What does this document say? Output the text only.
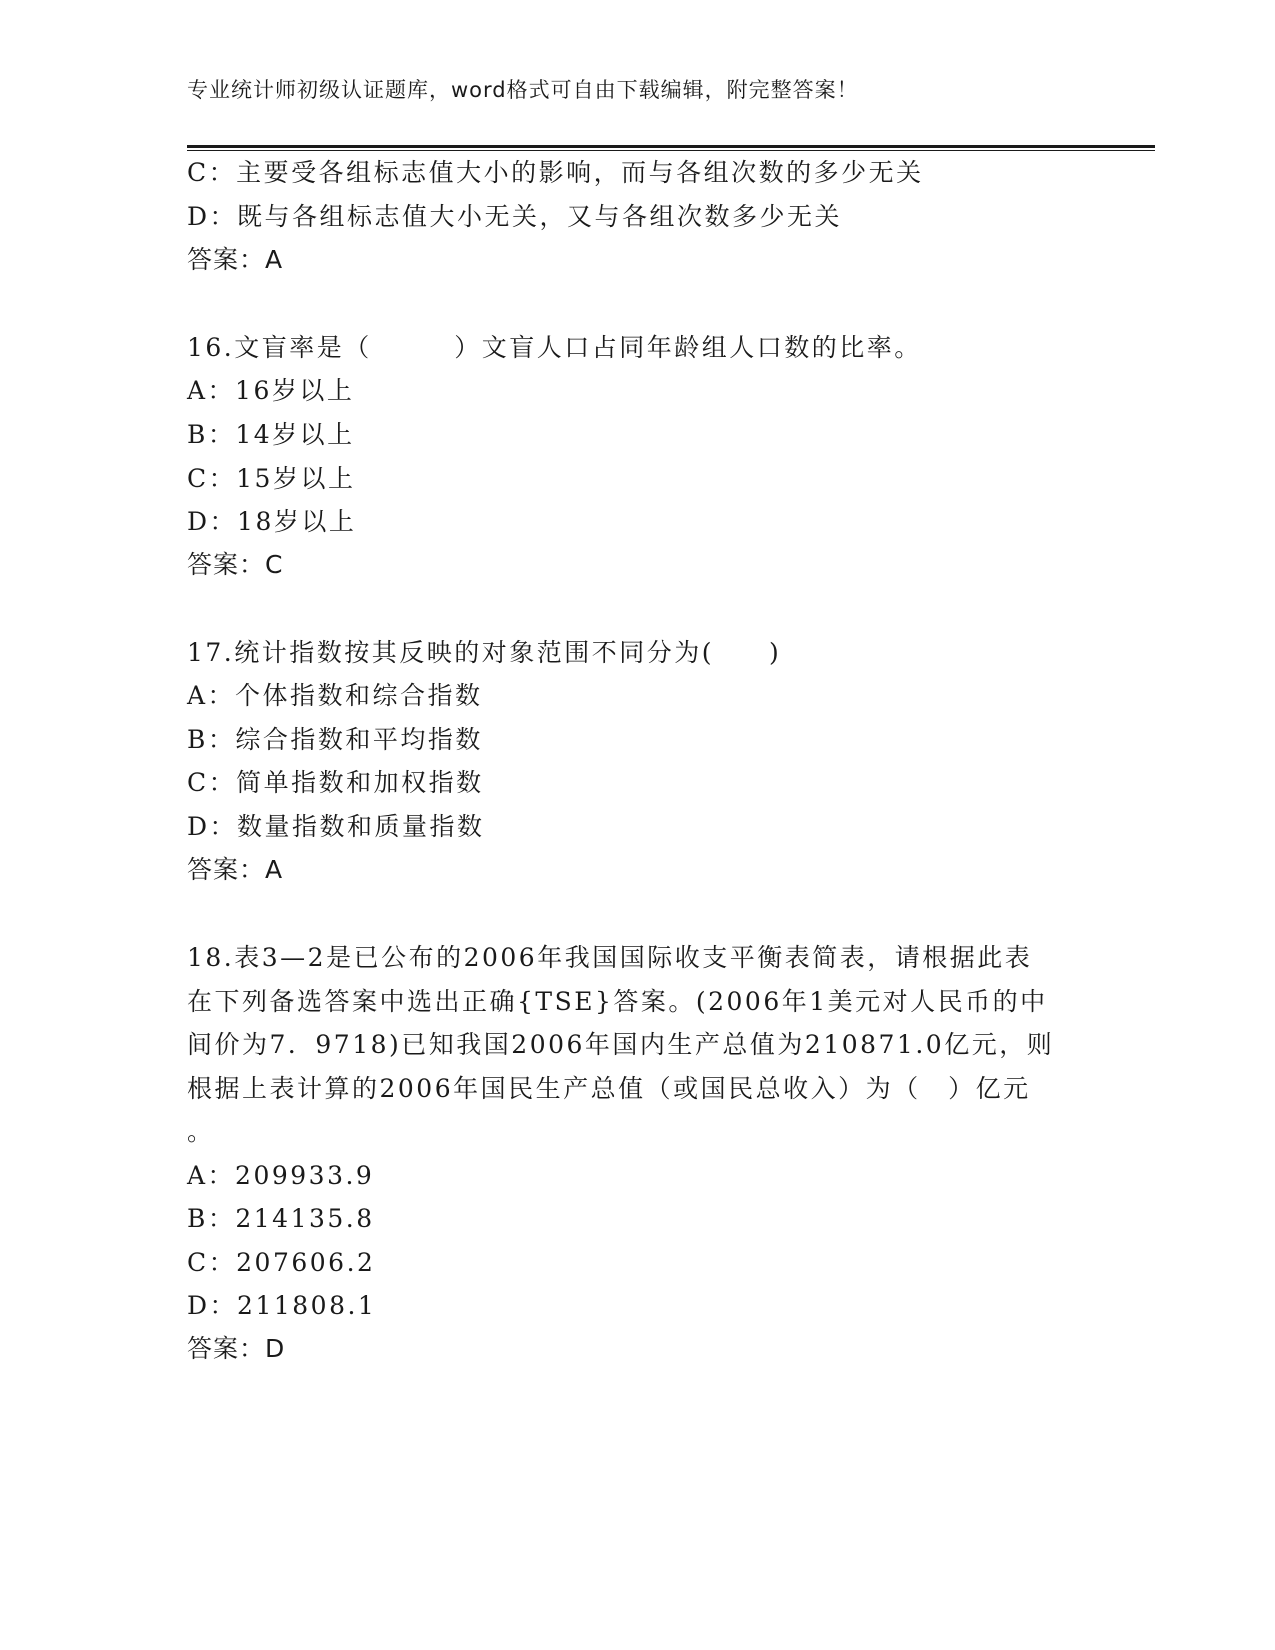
专业统计师初级认证题库，word格式可自由下载编辑，附完整答案！
C：主要受各组标志值大小的影响，而与各组次数的多少无关
D：既与各组标志值大小无关，又与各组次数多少无关
答案：A
16.文盲率是（　　　）文盲人口占同年龄组人口数的比率。
A：16岁以上
B：14岁以上
C：15岁以上
D：18岁以上
答案：C
17.统计指数按其反映的对象范围不同分为(　　)
A：个体指数和综合指数
B：综合指数和平均指数
C：简单指数和加权指数
D：数量指数和质量指数
答案：A
18.表3—2是已公布的2006年我国国际收支平衡表简表，请根据此表
在下列备选答案中选出正确{TSE}答案。(2006年1美元对人民币的中
间价为7．9718)已知我国2006年国内生产总值为210871.0亿元，则
根据上表计算的2006年国民生产总值（或国民总收入）为（　）亿元
。
A：209933.9
B：214135.8
C：207606.2
D：211808.1
答案：D
